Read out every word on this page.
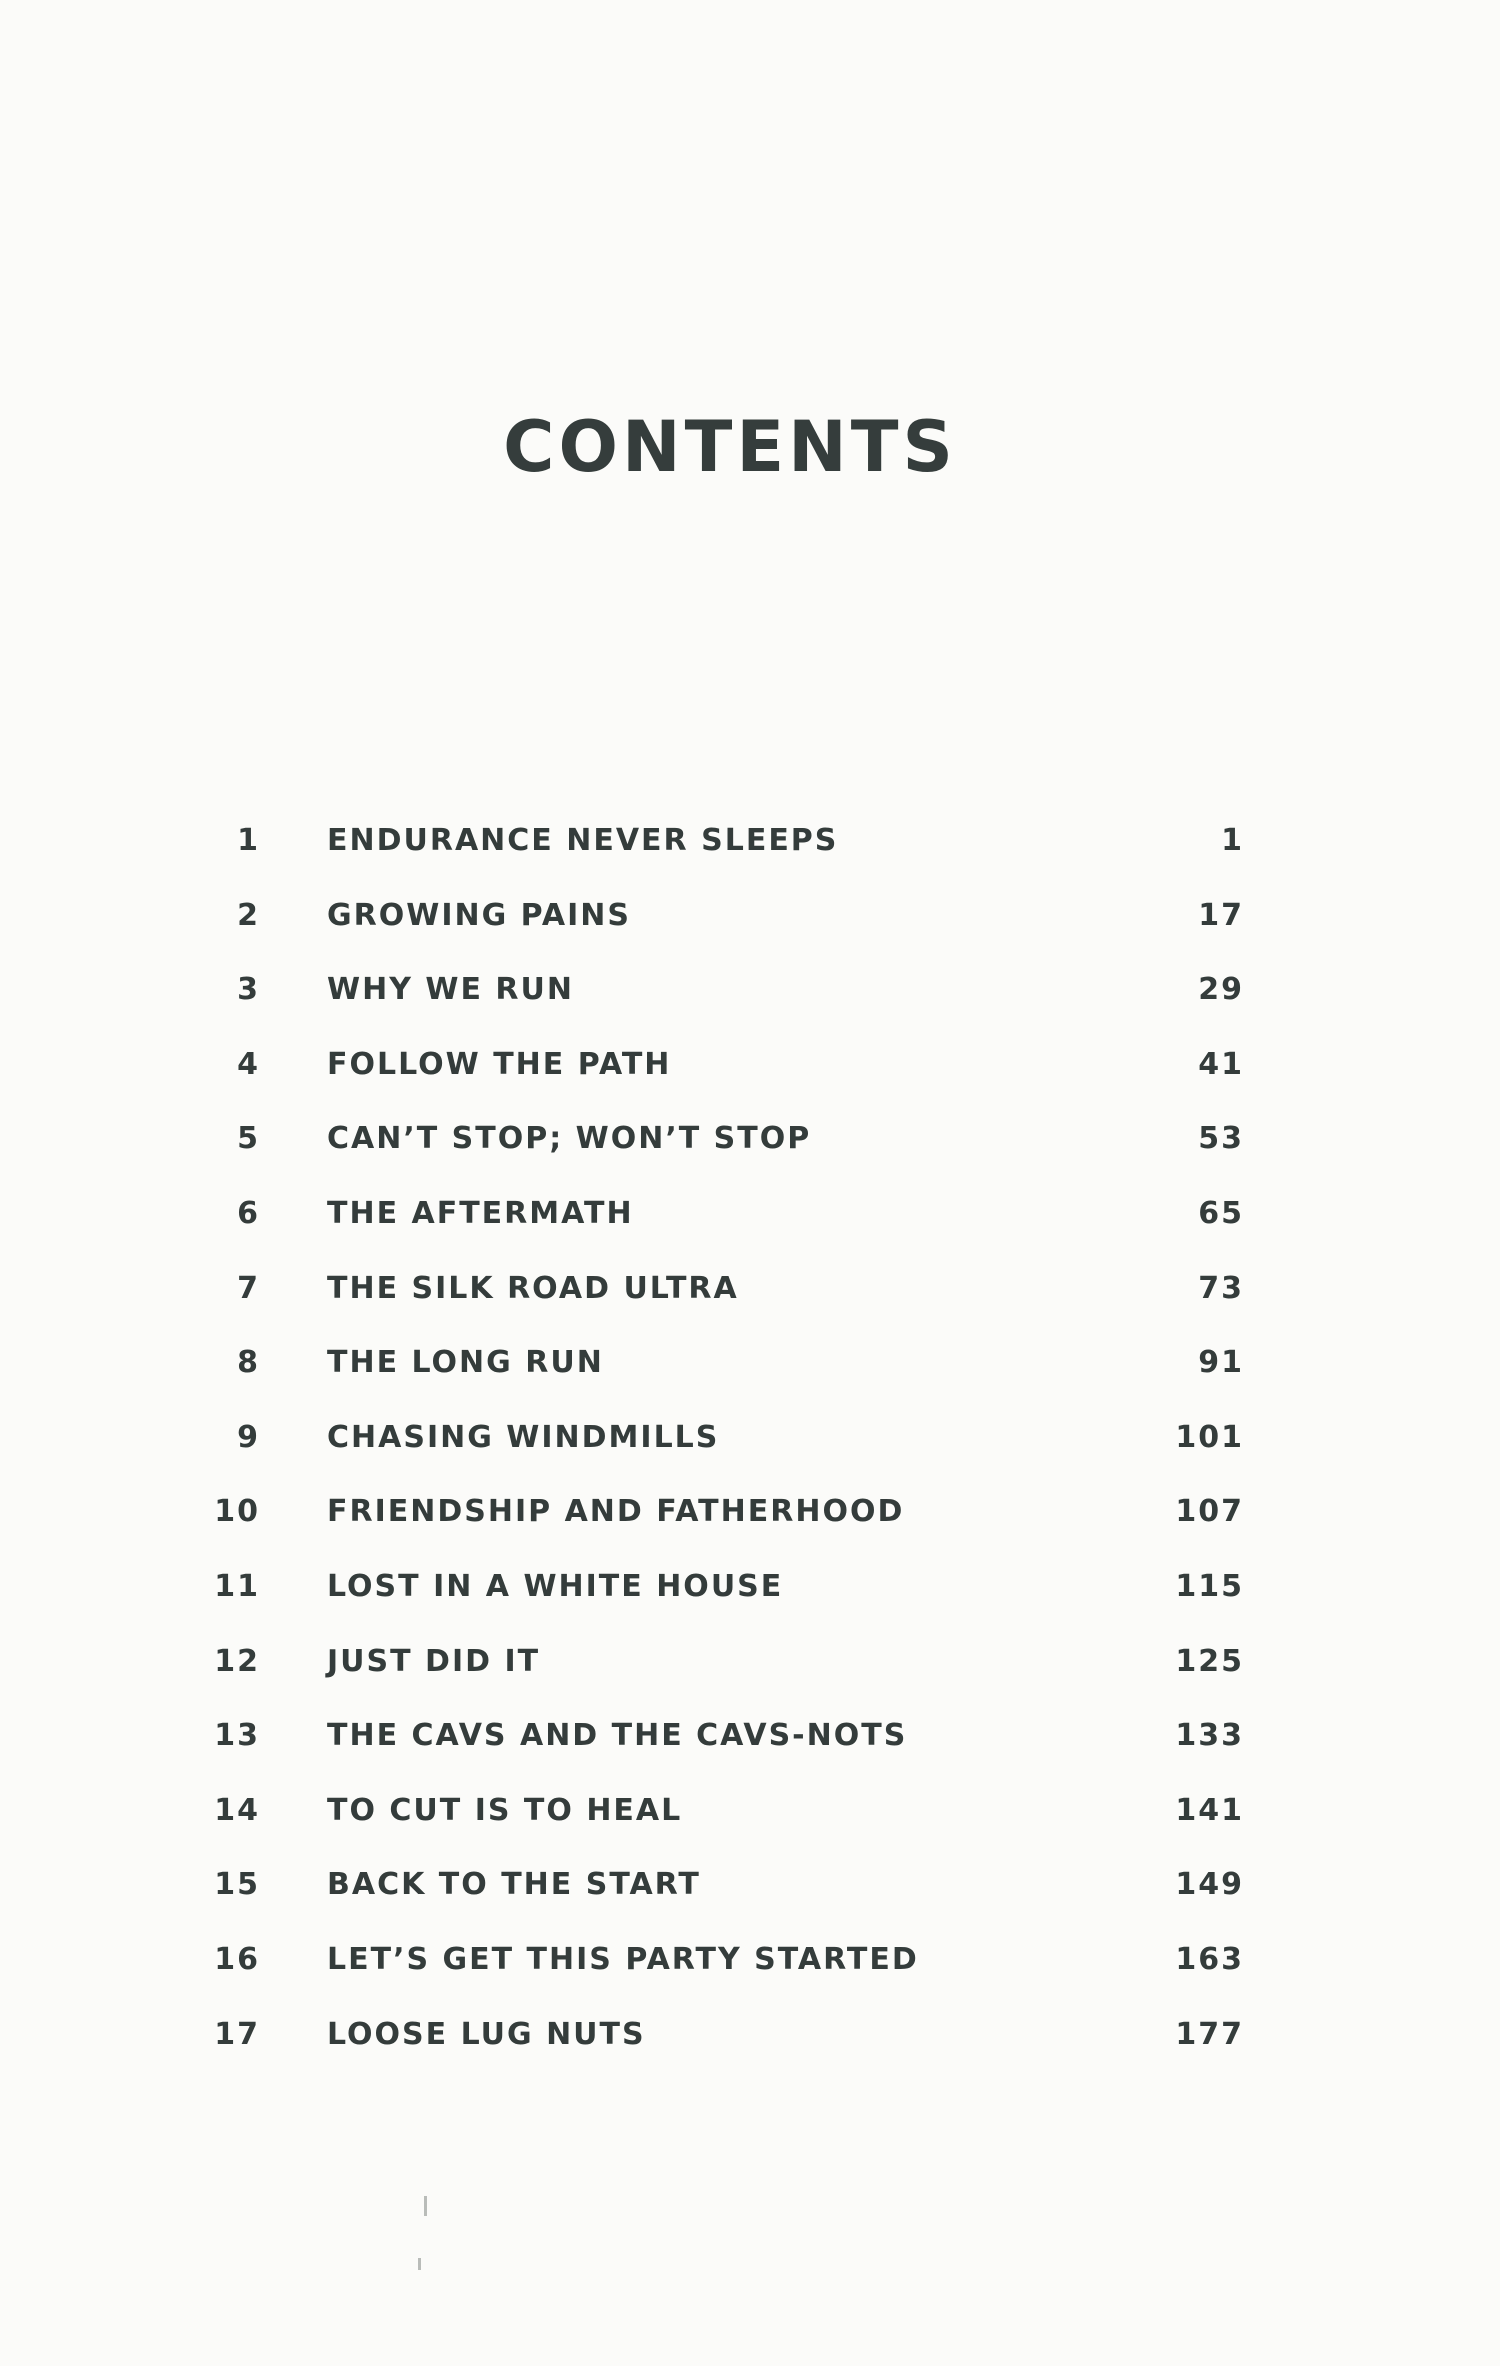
CONTENTS
1 ENDURANCE NEVER SLEEPS	1
2 GROWING PAINS	17
3 WHY WE RUN	29
4 FOLLOW THE PATH	41
5 CAN’T STOP; WON’T STOP	53
6 THE AFTERMATH	65
7 THE SILK ROAD ULTRA	73
8 THE LONG RUN	91
9 CHASING WINDMILLS	101
10 FRIENDSHIP AND FATHERHOOD	107
11 LOST IN A WHITE HOUSE	115
12 JUST DID IT	125
13 THE CAVS AND THE CAVS-NOTS	133
14 TO CUT IS TO HEAL	141
15 BACK TO THE START	149
16 LET’S GET THIS PARTY STARTED	163
17 LOOSE LUG NUTS	177
